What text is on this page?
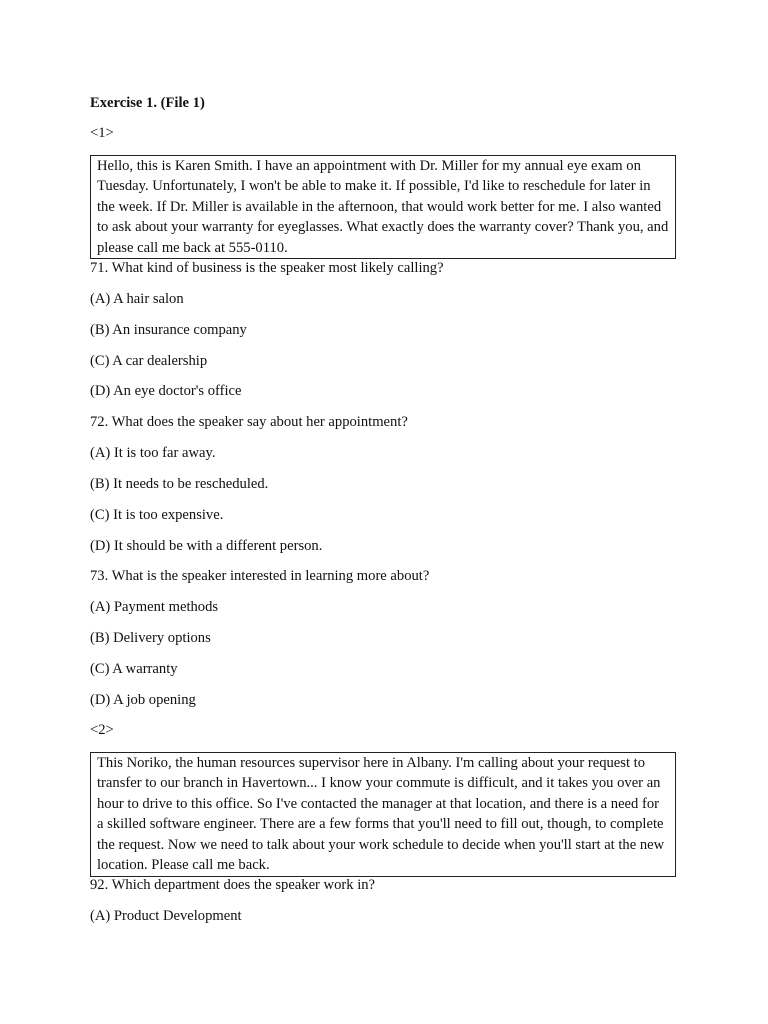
Exercise 1. (File 1)
<1>

Hello, this is Karen Smith. I have an appointment with Dr. Miller for my annual eye exam on Tuesday. Unfortunately, I won't be able to make it. If possible, I'd like to reschedule for later in the week. If Dr. Miller is available in the afternoon, that would work better for me. I also wanted to ask about your warranty for eyeglasses. What exactly does the warranty cover? Thank you, and please call me back at 555-0110.

71. What kind of business is the speaker most likely calling?
(A) A hair salon
(B) An insurance company
(C) A car dealership
(D) An eye doctor's office
72. What does the speaker say about her appointment?
(A) It is too far away.
(B) It needs to be rescheduled.
(C) It is too expensive.
(D) It should be with a different person.
73. What is the speaker interested in learning more about?
(A) Payment methods
(B) Delivery options
(C) A warranty
(D) A job opening
<2>

This Noriko, the human resources supervisor here in Albany. I'm calling about your request to transfer to our branch in Havertown... I know your commute is difficult, and it takes you over an hour to drive to this office. So I've contacted the manager at that location, and there is a need for a skilled software engineer. There are a few forms that you'll need to fill out, though, to complete the request. Now we need to talk about your work schedule to decide when you'll start at the new location. Please call me back.

92. Which department does the speaker work in?
(A) Product Development
